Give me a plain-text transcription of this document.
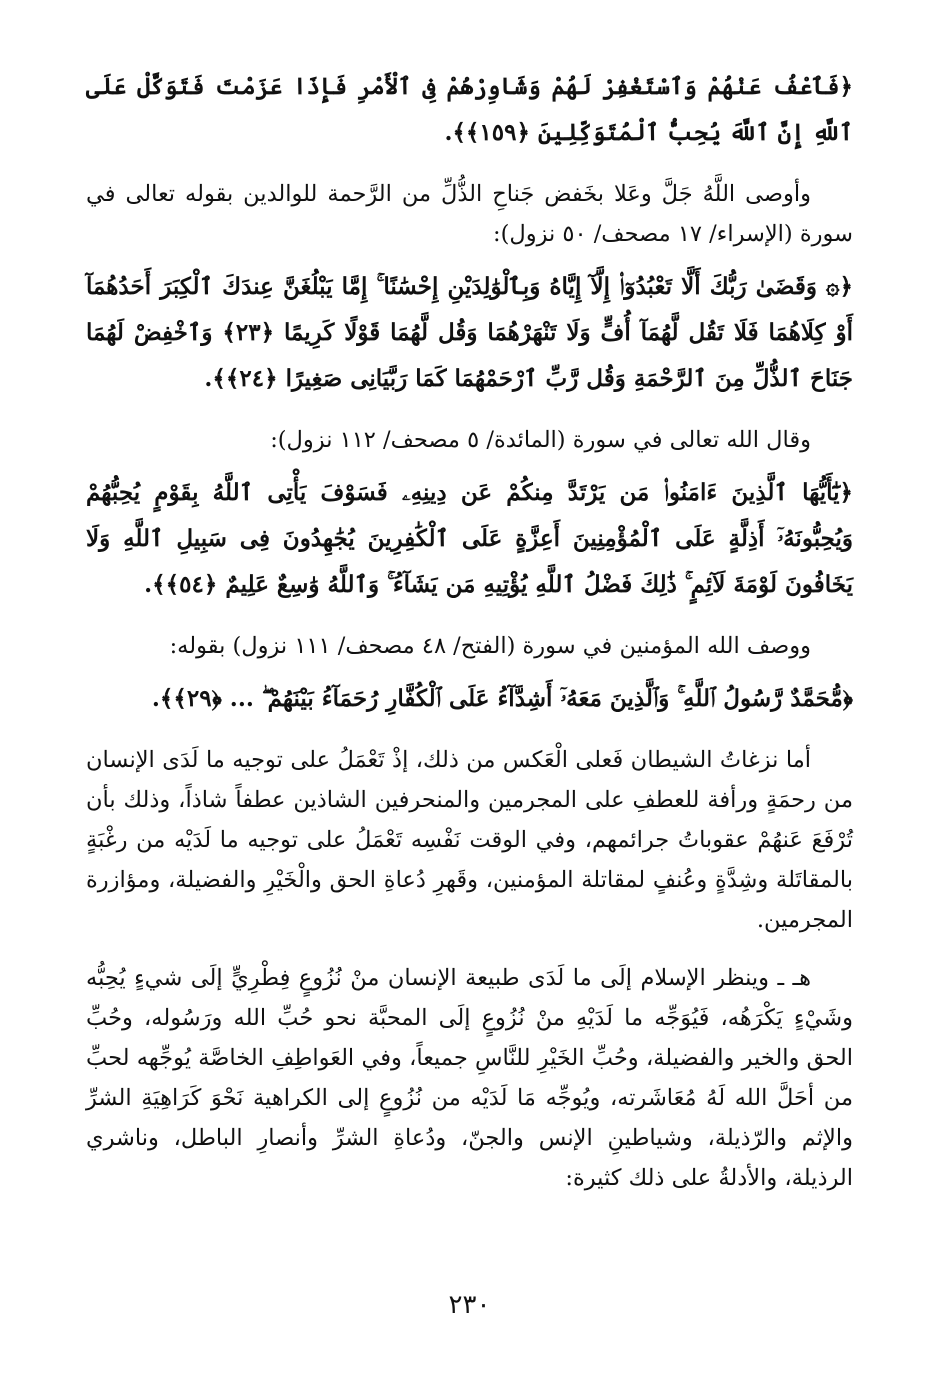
﴿فَٱعْفُ عَنْهُمْ وَٱسْتَغْفِرْ لَهُمْ وَشَاوِرْهُمْ فِى ٱلْأَمْرِ فَإِذَا عَزَمْتَ فَتَوَكَّلْ عَلَى ٱللَّهِ إِنَّ ٱللَّهَ يُحِبُّ ٱلْمُتَوَكِّلِينَ ﴿١٥٩﴾﴾.

وأوصى اللَّهُ جَلَّ وعَلا بخَفض جَناحِ الذُّلِّ من الرَّحمة للوالدين بقوله تعالى في سورة (الإسراء/ ١٧ مصحف/ ٥٠ نزول):

﴿۞ وَقَضَىٰ رَبُّكَ أَلَّا تَعْبُدُوٓا۟ إِلَّآ إِيَّاهُ وَبِٱلْوَٰلِدَيْنِ إِحْسَٰنًا ۚ إِمَّا يَبْلُغَنَّ عِندَكَ ٱلْكِبَرَ أَحَدُهُمَآ أَوْ كِلَاهُمَا فَلَا تَقُل لَّهُمَآ أُفٍّ وَلَا تَنْهَرْهُمَا وَقُل لَّهُمَا قَوْلًا كَرِيمًا ﴿٢٣﴾ وَٱخْفِضْ لَهُمَا جَنَاحَ ٱلذُّلِّ مِنَ ٱلرَّحْمَةِ وَقُل رَّبِّ ٱرْحَمْهُمَا كَمَا رَبَّيَانِى صَغِيرًا ﴿٢٤﴾﴾.

وقال الله تعالى في سورة (المائدة/ ٥ مصحف/ ١١٢ نزول):

﴿يَٰٓأَيُّهَا ٱلَّذِينَ ءَامَنُوا۟ مَن يَرْتَدَّ مِنكُمْ عَن دِينِهِۦ فَسَوْفَ يَأْتِى ٱللَّهُ بِقَوْمٍ يُحِبُّهُمْ وَيُحِبُّونَهُۥٓ أَذِلَّةٍ عَلَى ٱلْمُؤْمِنِينَ أَعِزَّةٍ عَلَى ٱلْكَٰفِرِينَ يُجَٰهِدُونَ فِى سَبِيلِ ٱللَّهِ وَلَا يَخَافُونَ لَوْمَةَ لَآئِمٍ ۚ ذَٰلِكَ فَضْلُ ٱللَّهِ يُؤْتِيهِ مَن يَشَآءُ ۚ وَٱللَّهُ وَٰسِعٌ عَلِيمٌ ﴿٥٤﴾﴾.

ووصف الله المؤمنين في سورة (الفتح/ ٤٨ مصحف/ ١١١ نزول) بقوله:

﴿مُّحَمَّدٌ رَّسُولُ ٱللَّهِ ۚ وَٱلَّذِينَ مَعَهُۥٓ أَشِدَّآءُ عَلَى ٱلْكُفَّارِ رُحَمَآءُ بَيْنَهُمْ ۖ ... ﴿٢٩﴾﴾.

أما نزغاتُ الشيطان فَعلى الْعَكس من ذلك، إذْ تَعْمَلُ على توجيه ما لَدَى الإنسان من رحمَةٍ ورأفة للعطفِ على المجرمين والمنحرفين الشاذين عطفاً شاذاً، وذلك بأن تُرْفَعَ عَنهُمْ عقوباتُ جرائمهم، وفي الوقت نَفْسِه تَعْمَلُ على توجيه ما لَدَيْه من رغْبَةٍ بالمقاتَلة وشِدَّةٍ وعُنفٍ لمقاتلة المؤمنين، وقَهرِ دُعاةِ الحق والْخَيْرِ والفضيلة، ومؤازرة المجرمين.

هـ ـ وينظر الإسلام إلَى ما لَدَى طبيعة الإنسان منْ نُزُوعٍ فِطْرِيٍّ إلَى شيءٍ يُحِبُّه وشَيْءٍ يَكْرَهُه، فَيُوَجِّه ما لَدَيْهِ منْ نُزُوعٍ إلَى المحبَّة نحو حُبِّ الله ورَسُوله، وحُبِّ الحق والخير والفضيلة، وحُبِّ الخَيْرِ للنَّاسِ جميعاً، وفي العَواطِفِ الخاصَّة يُوجِّهه لحبِّ من أحَلَّ الله لَهُ مُعَاشَرته، ويُوجِّه مَا لَدَيْه من نُزُوعٍ إلى الكراهية نَحْوَ كَرَاهِيَةِ الشرِّ والإثم والرّذيلة، وشياطينِ الإنس والجنّ، ودُعاةِ الشرِّ وأنصارِ الباطل، وناشري الرذيلة، والأدلةُ على ذلك كثيرة:

٢٣٠
